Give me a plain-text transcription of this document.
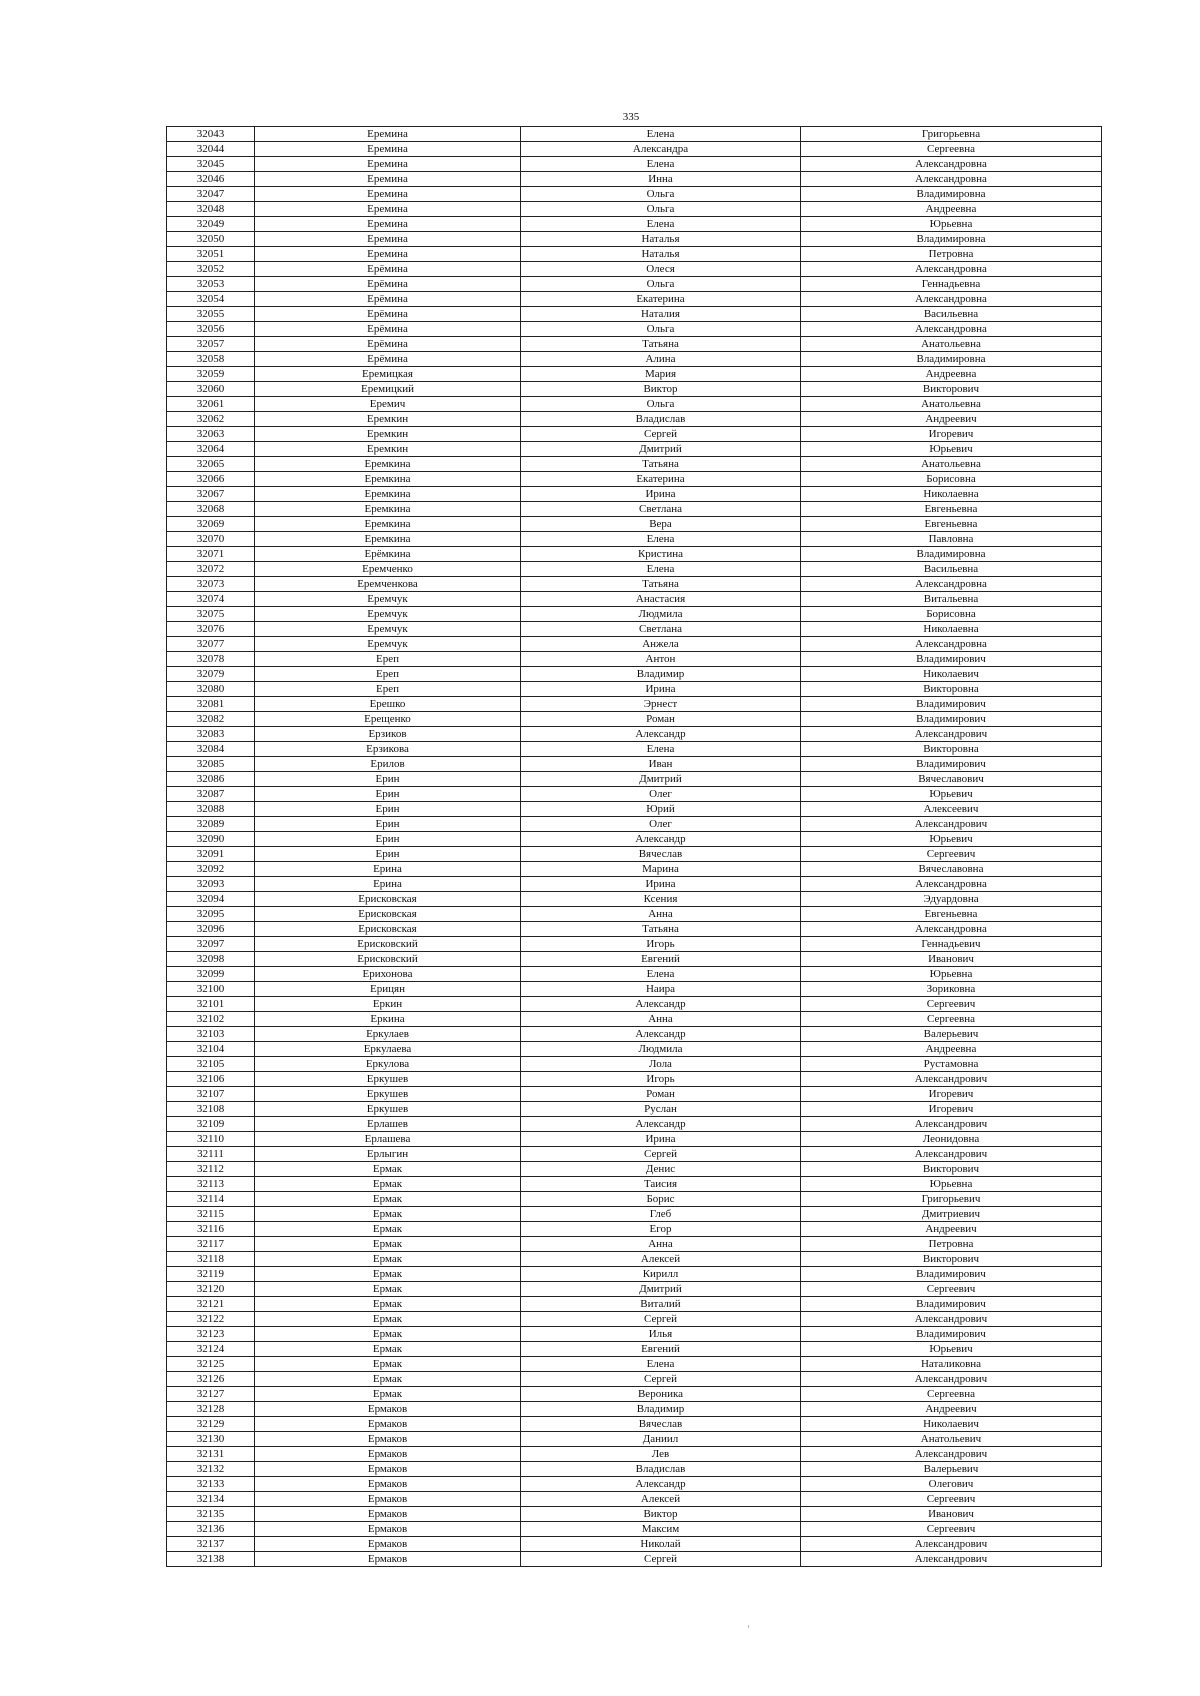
335
32043	Еремина	Елена	Григорьевна
32044	Еремина	Александра	Сергеевна
32045	Еремина	Елена	Александровна
32046	Еремина	Инна	Александровна
32047	Еремина	Ольга	Владимировна
32048	Еремина	Ольга	Андреевна
32049	Еремина	Елена	Юрьевна
32050	Еремина	Наталья	Владимировна
32051	Еремина	Наталья	Петровна
32052	Ерёмина	Олеся	Александровна
32053	Ерёмина	Ольга	Геннадьевна
32054	Ерёмина	Екатерина	Александровна
32055	Ерёмина	Наталия	Васильевна
32056	Ерёмина	Ольга	Александровна
32057	Ерёмина	Татьяна	Анатольевна
32058	Ерёмина	Алина	Владимировна
32059	Еремицкая	Мария	Андреевна
32060	Еремицкий	Виктор	Викторович
32061	Еремич	Ольга	Анатольевна
32062	Еремкин	Владислав	Андреевич
32063	Еремкин	Сергей	Игоревич
32064	Еремкин	Дмитрий	Юрьевич
32065	Еремкина	Татьяна	Анатольевна
32066	Еремкина	Екатерина	Борисовна
32067	Еремкина	Ирина	Николаевна
32068	Еремкина	Светлана	Евгеньевна
32069	Еремкина	Вера	Евгеньевна
32070	Еремкина	Елена	Павловна
32071	Ерёмкина	Кристина	Владимировна
32072	Еремченко	Елена	Васильевна
32073	Еремченкова	Татьяна	Александровна
32074	Еремчук	Анастасия	Витальевна
32075	Еремчук	Людмила	Борисовна
32076	Еремчук	Светлана	Николаевна
32077	Еремчук	Анжела	Александровна
32078	Ереп	Антон	Владимирович
32079	Ереп	Владимир	Николаевич
32080	Ереп	Ирина	Викторовна
32081	Ерешко	Эрнест	Владимирович
32082	Ерещенко	Роман	Владимирович
32083	Ерзиков	Александр	Александрович
32084	Ерзикова	Елена	Викторовна
32085	Ерилов	Иван	Владимирович
32086	Ерин	Дмитрий	Вячеславович
32087	Ерин	Олег	Юрьевич
32088	Ерин	Юрий	Алексеевич
32089	Ерин	Олег	Александрович
32090	Ерин	Александр	Юрьевич
32091	Ерин	Вячеслав	Сергеевич
32092	Ерина	Марина	Вячеславовна
32093	Ерина	Ирина	Александровна
32094	Ерисковская	Ксения	Эдуардовна
32095	Ерисковская	Анна	Евгеньевна
32096	Ерисковская	Татьяна	Александровна
32097	Ерисковский	Игорь	Геннадьевич
32098	Ерисковский	Евгений	Иванович
32099	Ерихонова	Елена	Юрьевна
32100	Ерицян	Наира	Зориковна
32101	Еркин	Александр	Сергеевич
32102	Еркина	Анна	Сергеевна
32103	Еркулаев	Александр	Валерьевич
32104	Еркулаева	Людмила	Андреевна
32105	Еркулова	Лола	Рустамовна
32106	Еркушев	Игорь	Александрович
32107	Еркушев	Роман	Игоревич
32108	Еркушев	Руслан	Игоревич
32109	Ерлашев	Александр	Александрович
32110	Ерлашева	Ирина	Леонидовна
32111	Ерлыгин	Сергей	Александрович
32112	Ермак	Денис	Викторович
32113	Ермак	Таисия	Юрьевна
32114	Ермак	Борис	Григорьевич
32115	Ермак	Глеб	Дмитриевич
32116	Ермак	Егор	Андреевич
32117	Ермак	Анна	Петровна
32118	Ермак	Алексей	Викторович
32119	Ермак	Кирилл	Владимирович
32120	Ермак	Дмитрий	Сергеевич
32121	Ермак	Виталий	Владимирович
32122	Ермак	Сергей	Александрович
32123	Ермак	Илья	Владимирович
32124	Ермак	Евгений	Юрьевич
32125	Ермак	Елена	Наталиковна
32126	Ермак	Сергей	Александрович
32127	Ермак	Вероника	Сергеевна
32128	Ермаков	Владимир	Андреевич
32129	Ермаков	Вячеслав	Николаевич
32130	Ермаков	Даниил	Анатольевич
32131	Ермаков	Лев	Александрович
32132	Ермаков	Владислав	Валерьевич
32133	Ермаков	Александр	Олегович
32134	Ермаков	Алексей	Сергеевич
32135	Ермаков	Виктор	Иванович
32136	Ермаков	Максим	Сергеевич
32137	Ермаков	Николай	Александрович
32138	Ермаков	Сергей	Александрович
